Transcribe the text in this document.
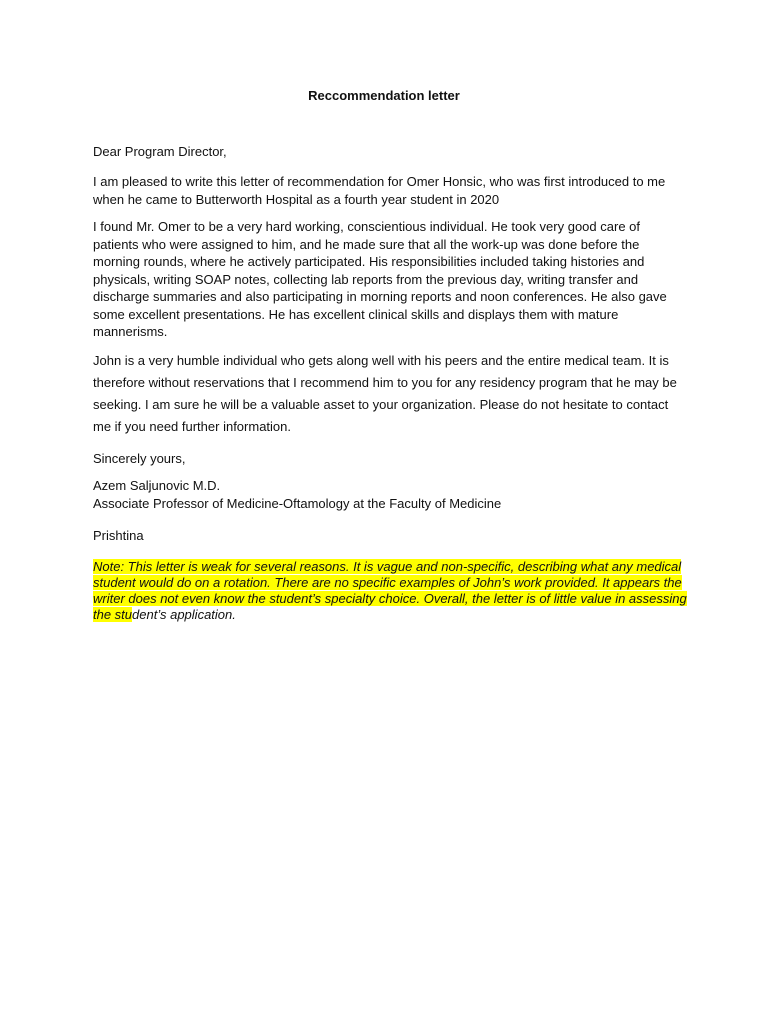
Reccommendation letter
Dear Program Director,
I am pleased to write this letter of recommendation for Omer Honsic, who was first introduced to me when he came to Butterworth Hospital as a fourth year student in 2020
I found Mr. Omer to be a very hard working, conscientious individual. He took very good care of patients who were assigned to him, and he made sure that all the work-up was done before the morning rounds, where he actively participated. His responsibilities included taking histories and physicals, writing SOAP notes, collecting lab reports from the previous day, writing transfer and discharge summaries and also participating in morning reports and noon conferences. He also gave some excellent presentations. He has excellent clinical skills and displays them with mature mannerisms.
John is a very humble individual who gets along well with his peers and the entire medical team. It is therefore without reservations that I recommend him to you for any residency program that he may be seeking. I am sure he will be a valuable asset to your organization. Please do not hesitate to contact me if you need further information.
Sincerely yours,
Azem Saljunovic M.D.
Associate Professor of Medicine-Oftamology at the Faculty of Medicine
Prishtina
Note: This letter is weak for several reasons. It is vague and non-specific, describing what any medical student would do on a rotation. There are no specific examples of John’s work provided. It appears the writer does not even know the student’s specialty choice. Overall, the letter is of little value in assessing the student’s application.
